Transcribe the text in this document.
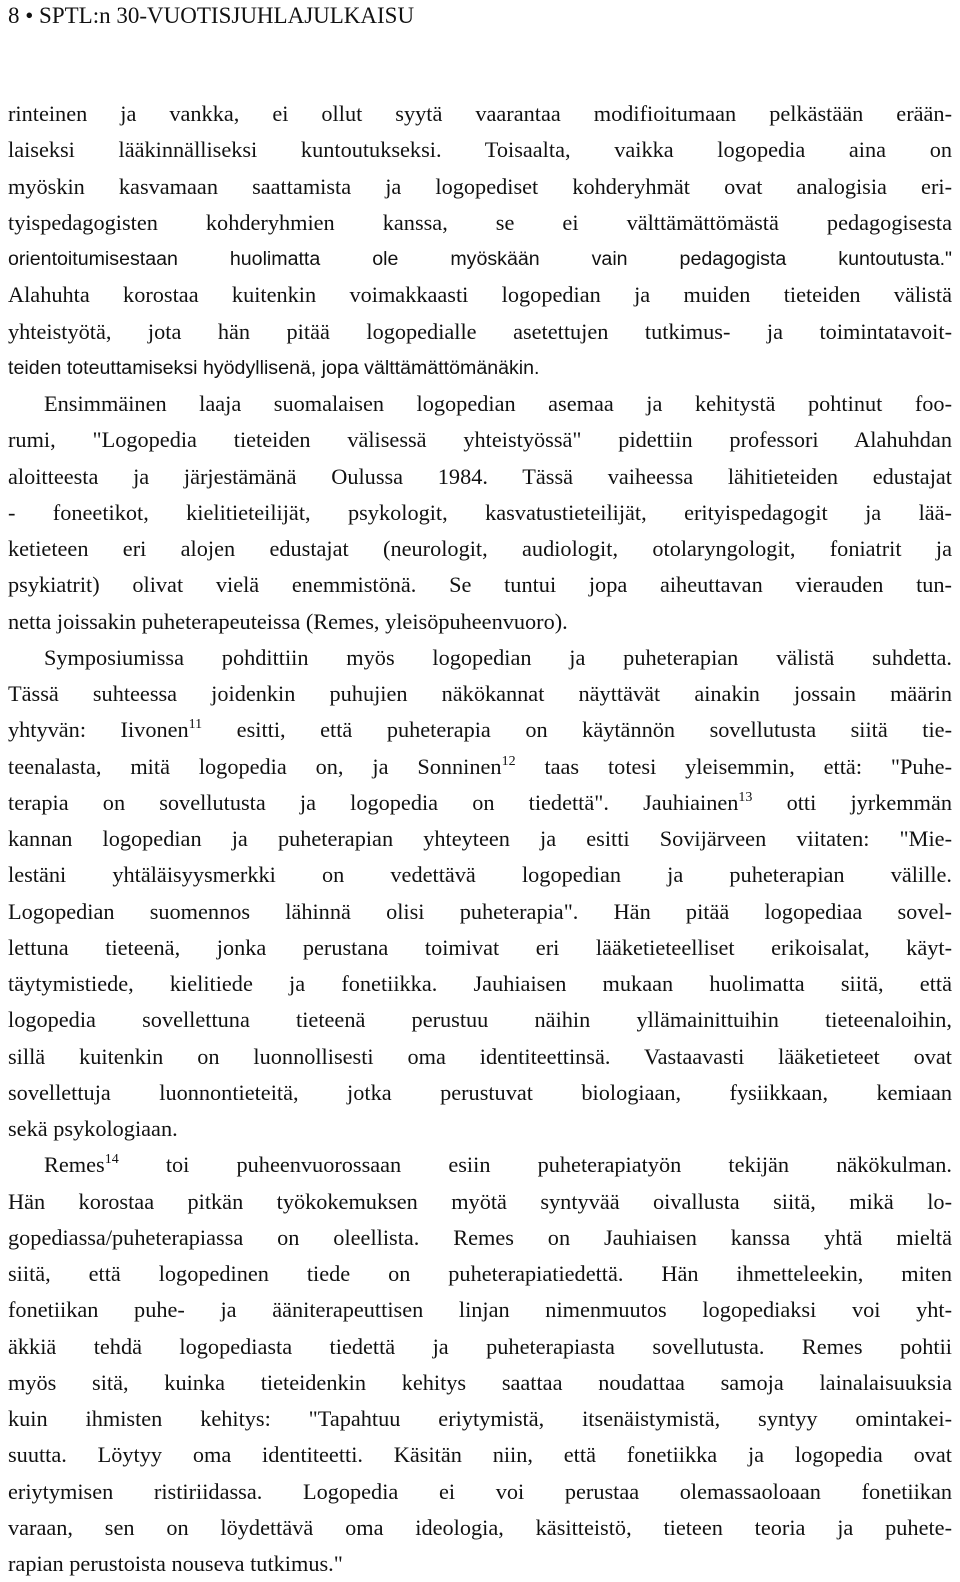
8 • SPTL:n 30-VUOTISJUHLAJULKAISU
rinteinen ja vankka, ei ollut syytä vaarantaa modifioitumaan pelkästään erään-
laiseksi lääkinnälliseksi kuntoutukseksi. Toisaalta, vaikka logopedia aina on
myöskin kasvamaan saattamista ja logopediset kohderyhmät ovat analogisia eri-
tyispedagogisten kohderyhmien kanssa, se ei välttämättömästä pedagogisesta
orientoitumisestaan huolimatta ole myöskään vain pedagogista kuntoutusta."
Alahuhta korostaa kuitenkin voimakkaasti logopedian ja muiden tieteiden välistä
yhteistyötä, jota hän pitää logopedialle asetettujen tutkimus- ja toimintatavoit-
teiden toteuttamiseksi hyödyllisenä, jopa välttämättömänäkin.
Ensimmäinen laaja suomalaisen logopedian asemaa ja kehitystä pohtinut foo-
rumi, "Logopedia tieteiden välisessä yhteistyössä" pidettiin professori Alahuhdan
aloitteesta ja järjestämänä Oulussa 1984. Tässä vaiheessa lähitieteiden edustajat
- foneetikot, kielitieteilijät, psykologit, kasvatustieteilijät, erityispedagogit ja lää-
ketieteen eri alojen edustajat (neurologit, audiologit, otolaryngologit, foniatrit ja
psykiatrit) olivat vielä enemmistönä. Se tuntui jopa aiheuttavan vierauden tun-
netta joissakin puheterapeuteissa (Remes, yleisöpuheenvuoro).
Symposiumissa pohdittiin myös logopedian ja puheterapian välistä suhdetta.
Tässä suhteessa joidenkin puhujien näkökannat näyttävät ainakin jossain määrin
yhtyvän: Iivonen$^{11}$ esitti, että puheterapia on käytännön sovellutusta siitä tie-
teenalasta, mitä logopedia on, ja Sonninen$^{12}$ taas totesi yleisemmin, että: "Puhe-
terapia on sovellutusta ja logopedia on tiedettä". Jauhiainen$^{13}$ otti jyrkemmän
kannan logopedian ja puheterapian yhteyteen ja esitti Sovijärveen viitaten: "Mie-
lestäni yhtäläisyysmerkki on vedettävä logopedian ja puheterapian välille.
Logopedian suomennos lähinnä olisi puheterapia". Hän pitää logopediaa sovel-
lettuna tieteenä, jonka perustana toimivat eri lääketieteelliset erikoisalat, käyt-
täytymistiede, kielitiede ja fonetiikka. Jauhiaisen mukaan huolimatta siitä, että
logopedia sovellettuna tieteenä perustuu näihin yllämainittuihin tieteenaloihin,
sillä kuitenkin on luonnollisesti oma identiteettinsä. Vastaavasti lääketieteet ovat
sovellettuja luonnontieteitä, jotka perustuvat biologiaan, fysiikkaan, kemiaan
sekä psykologiaan.
Remes$^{14}$ toi puheenvuorossaan esiin puheterapiatyön tekijän näkökulman.
Hän korostaa pitkän työkokemuksen myötä syntyvää oivallusta siitä, mikä lo-
gopediassa/puheterapiassa on oleellista. Remes on Jauhiaisen kanssa yhtä mieltä
siitä, että logopedinen tiede on puheterapiatiedettä. Hän ihmetteleekin, miten
fonetiikan puhe- ja ääniterapeuttisen linjan nimenmuutos logopediaksi voi yht-
äkkiä tehdä logopediasta tiedettä ja puheterapiasta sovellutusta. Remes pohtii
myös sitä, kuinka tieteidenkin kehitys saattaa noudattaa samoja lainalaisuuksia
kuin ihmisten kehitys: "Tapahtuu eriytymistä, itsenäistymistä, syntyy omintakei-
suutta. Löytyy oma identiteetti. Käsitän niin, että fonetiikka ja logopedia ovat
eriytymisen ristiriidassa. Logopedia ei voi perustaa olemassaoloaan fonetiikan
varaan, sen on löydettävä oma ideologia, käsitteistö, tieteen teoria ja puhete-
rapian perustoista nouseva tutkimus."
